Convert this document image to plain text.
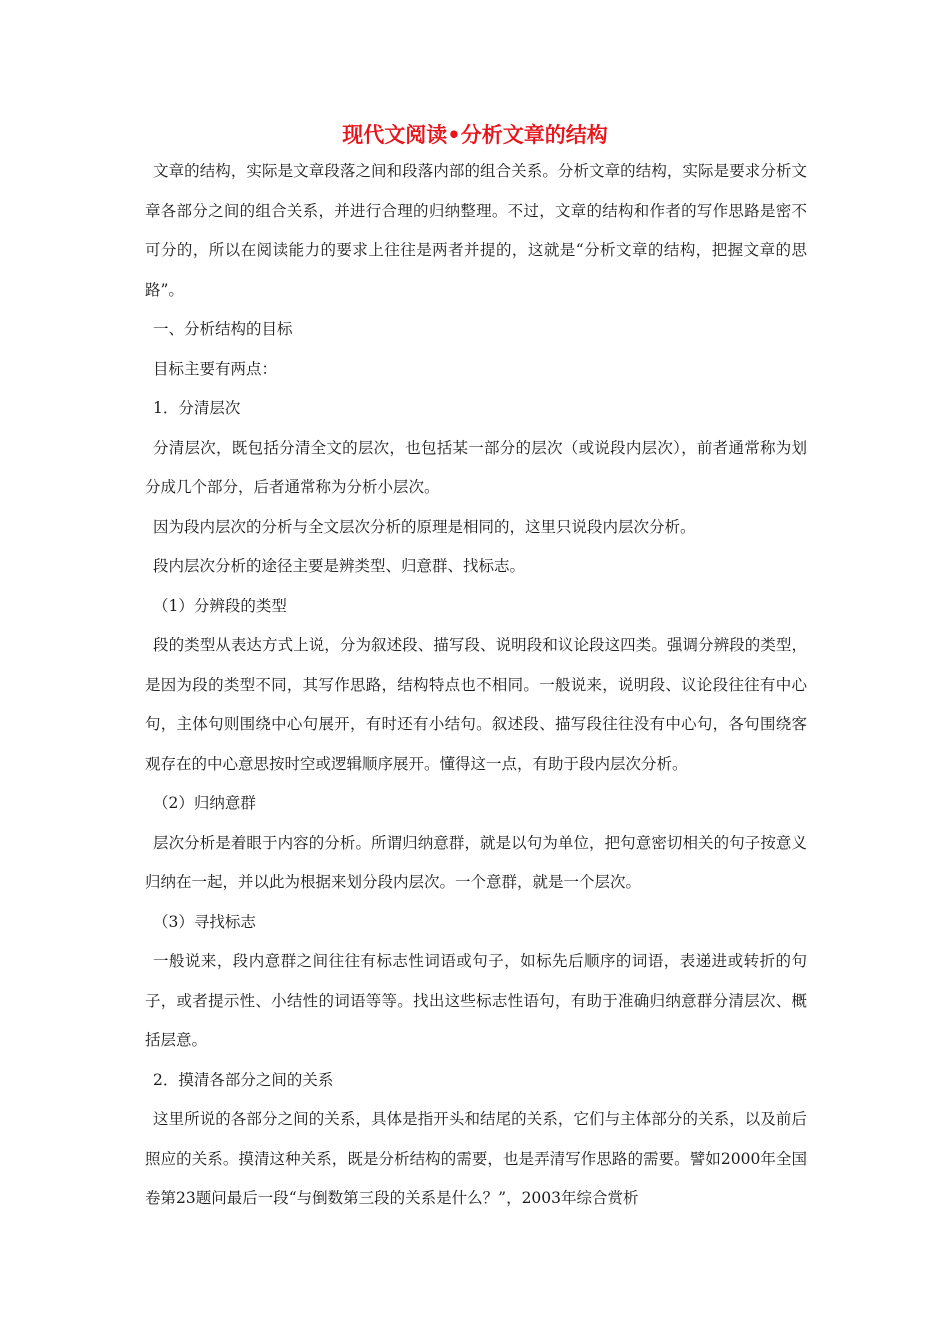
现代文阅读•分析文章的结构

文章的结构，实际是文章段落之间和段落内部的组合关系。分析文章的结构，实际是要求分析文章各部分之间的组合关系，并进行合理的归纳整理。不过，文章的结构和作者的写作思路是密不可分的，所以在阅读能力的要求上往往是两者并提的，这就是“分析文章的结构，把握文章的思路”。

一、分析结构的目标

目标主要有两点：

1．分清层次

分清层次，既包括分清全文的层次，也包括某一部分的层次（或说段内层次），前者通常称为划分成几个部分，后者通常称为分析小层次。

因为段内层次的分析与全文层次分析的原理是相同的，这里只说段内层次分析。

段内层次分析的途径主要是辨类型、归意群、找标志。

（1）分辨段的类型

段的类型从表达方式上说，分为叙述段、描写段、说明段和议论段这四类。强调分辨段的类型，是因为段的类型不同，其写作思路，结构特点也不相同。一般说来，说明段、议论段往往有中心句，主体句则围绕中心句展开，有时还有小结句。叙述段、描写段往往没有中心句，各句围绕客观存在的中心意思按时空或逻辑顺序展开。懂得这一点，有助于段内层次分析。

（2）归纳意群

层次分析是着眼于内容的分析。所谓归纳意群，就是以句为单位，把句意密切相关的句子按意义归纳在一起，并以此为根据来划分段内层次。一个意群，就是一个层次。

（3）寻找标志

一般说来，段内意群之间往往有标志性词语或句子，如标先后顺序的词语，表递进或转折的句子，或者提示性、小结性的词语等等。找出这些标志性语句，有助于准确归纳意群分清层次、概括层意。

2．摸清各部分之间的关系

这里所说的各部分之间的关系，具体是指开头和结尾的关系，它们与主体部分的关系，以及前后照应的关系。摸清这种关系，既是分析结构的需要，也是弄清写作思路的需要。譬如2000年全国卷第23题问最后一段“与倒数第三段的关系是什么？”，2003年综合赏析
